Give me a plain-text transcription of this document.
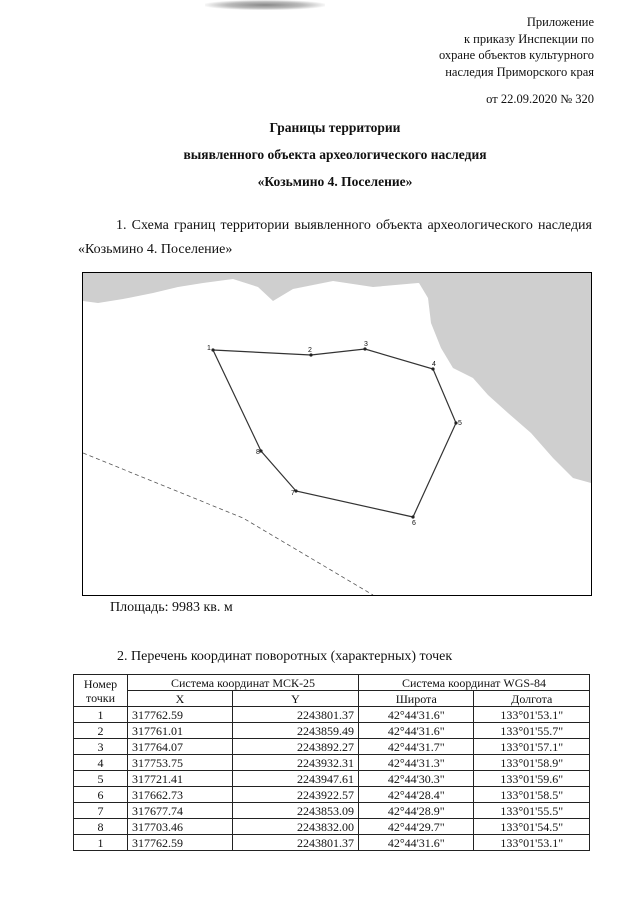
Приложение
к приказу Инспекции по
охране объектов культурного
наследия Приморского края
от 22.09.2020 № 320
Границы территории
выявленного объекта археологического наследия
«Козьмино 4. Поселение»
1. Схема границ территории выявленного объекта археологического наследия «Козьмино 4. Поселение»
1	2
3
4
5
6
7
8
Площадь: 9983 кв. м
2. Перечень координат поворотных (характерных) точек
Номер
точки	Система координат МСК-25		Система координат WGS-84	
	X	Y	Широта	Долгота
1	317762.59	2243801.37	42°44'31.6"	133°01'53.1"
2	317761.01	2243859.49	42°44'31.6"	133°01'55.7"
3	317764.07	2243892.27	42°44'31.7"	133°01'57.1"
4	317753.75	2243932.31	42°44'31.3"	133°01'58.9"
5	317721.41	2243947.61	42°44'30.3"	133°01'59.6"
6	317662.73	2243922.57	42°44'28.4"	133°01'58.5"
7	317677.74	2243853.09	42°44'28.9"	133°01'55.5"
8	317703.46	2243832.00	42°44'29.7"	133°01'54.5"
1	317762.59	2243801.37	42°44'31.6"	133°01'53.1"
